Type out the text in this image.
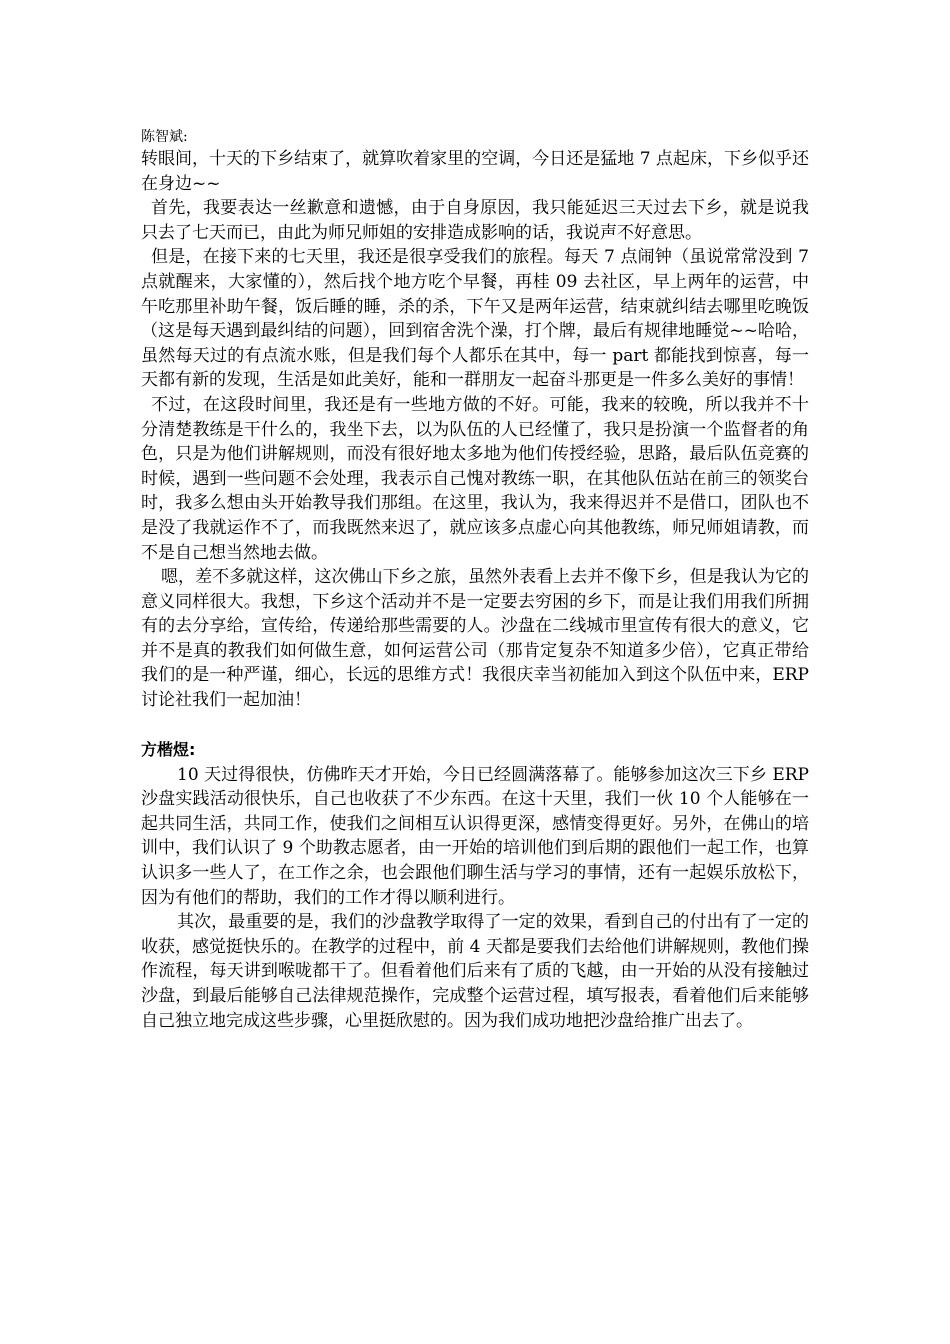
陈智斌:

转眼间，十天的下乡结束了，就算吹着家里的空调，今日还是猛地 7 点起床，下乡似乎还在身边~~

首先，我要表达一丝歉意和遗憾，由于自身原因，我只能延迟三天过去下乡，就是说我只去了七天而已，由此为师兄师姐的安排造成影响的话，我说声不好意思。

但是，在接下来的七天里，我还是很享受我们的旅程。每天 7 点闹钟（虽说常常没到 7 点就醒来，大家懂的），然后找个地方吃个早餐，再桂 09 去社区，早上两年的运营，中午吃那里补助午餐，饭后睡的睡，杀的杀，下午又是两年运营，结束就纠结去哪里吃晚饭（这是每天遇到最纠结的问题），回到宿舍洗个澡，打个牌，最后有规律地睡觉~~哈哈，虽然每天过的有点流水账，但是我们每个人都乐在其中，每一 part 都能找到惊喜，每一天都有新的发现，生活是如此美好，能和一群朋友一起奋斗那更是一件多么美好的事情！

不过，在这段时间里，我还是有一些地方做的不好。可能，我来的较晚，所以我并不十分清楚教练是干什么的，我坐下去，以为队伍的人已经懂了，我只是扮演一个监督者的角色，只是为他们讲解规则，而没有很好地太多地为他们传授经验，思路，最后队伍竞赛的时候，遇到一些问题不会处理，我表示自己愧对教练一职，在其他队伍站在前三的领奖台时，我多么想由头开始教导我们那组。在这里，我认为，我来得迟并不是借口，团队也不是没了我就运作不了，而我既然来迟了，就应该多点虚心向其他教练，师兄师姐请教，而不是自己想当然地去做。

嗯，差不多就这样，这次佛山下乡之旅，虽然外表看上去并不像下乡，但是我认为它的意义同样很大。我想，下乡这个活动并不是一定要去穷困的乡下，而是让我们用我们所拥有的去分享给，宣传给，传递给那些需要的人。沙盘在二线城市里宣传有很大的意义，它并不是真的教我们如何做生意，如何运营公司（那肯定复杂不知道多少倍），它真正带给我们的是一种严谨，细心，长远的思维方式！我很庆幸当初能加入到这个队伍中来，ERP 讨论社我们一起加油！

方楷煜:

10 天过得很快，仿佛昨天才开始，今日已经圆满落幕了。能够参加这次三下乡 ERP 沙盘实践活动很快乐，自己也收获了不少东西。在这十天里，我们一伙 10 个人能够在一起共同生活，共同工作，使我们之间相互认识得更深，感情变得更好。另外，在佛山的培训中，我们认识了 9 个助教志愿者，由一开始的培训他们到后期的跟他们一起工作，也算认识多一些人了，在工作之余，也会跟他们聊生活与学习的事情，还有一起娱乐放松下，因为有他们的帮助，我们的工作才得以顺利进行。

其次，最重要的是，我们的沙盘教学取得了一定的效果，看到自己的付出有了一定的收获，感觉挺快乐的。在教学的过程中，前 4 天都是要我们去给他们讲解规则，教他们操作流程，每天讲到喉咙都干了。但看着他们后来有了质的飞越，由一开始的从没有接触过沙盘，到最后能够自己法律规范操作，完成整个运营过程，填写报表，看着他们后来能够自己独立地完成这些步骤，心里挺欣慰的。因为我们成功地把沙盘给推广出去了。
